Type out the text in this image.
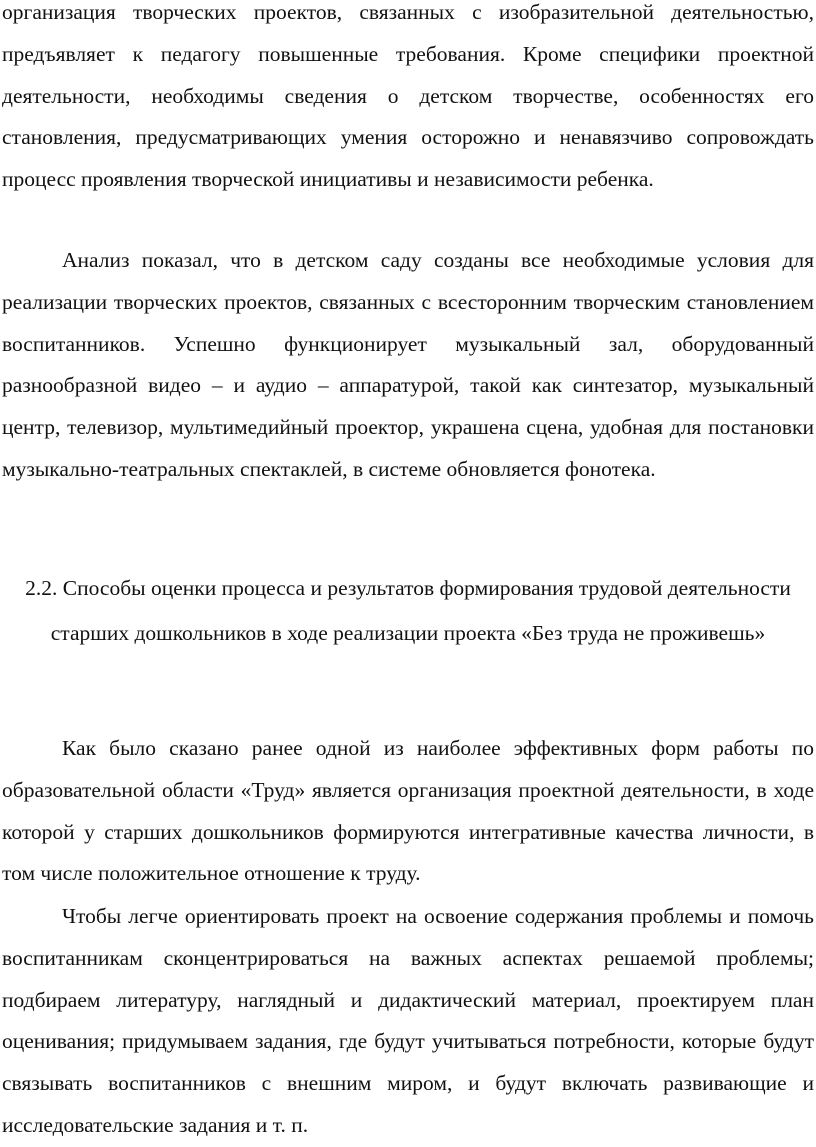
организация творческих проектов, связанных с изобразительной деятельностью, предъявляет к педагогу повышенные требования. Кроме специфики проектной деятельности, необходимы сведения о детском творчестве, особенностях его становления, предусматривающих умения осторожно и ненавязчиво сопровождать процесс проявления творческой инициативы и независимости ребенка.

Анализ показал, что в детском саду созданы все необходимые условия для реализации творческих проектов, связанных с всесторонним творческим становлением воспитанников. Успешно функционирует музыкальный зал, оборудованный разнообразной видео – и аудио – аппаратурой, такой как синтезатор, музыкальный центр, телевизор, мультимедийный проектор, украшена сцена, удобная для постановки музыкально-театральных спектаклей, в системе обновляется фонотека.

2.2. Способы оценки процесса и результатов формирования трудовой деятельности старших дошкольников в ходе реализации проекта «Без труда не проживешь»

Как было сказано ранее одной из наиболее эффективных форм работы по образовательной области «Труд» является организация проектной деятельности, в ходе которой у старших дошкольников формируются интегративные качества личности, в том числе положительное отношение к труду.

Чтобы легче ориентировать проект на освоение содержания проблемы и помочь воспитанникам сконцентрироваться на важных аспектах решаемой проблемы; подбираем литературу, наглядный и дидактический материал, проектируем план оценивания; придумываем задания, где будут учитываться потребности, которые будут связывать воспитанников с внешним миром, и будут включать развивающие и исследовательские задания и т. п.
